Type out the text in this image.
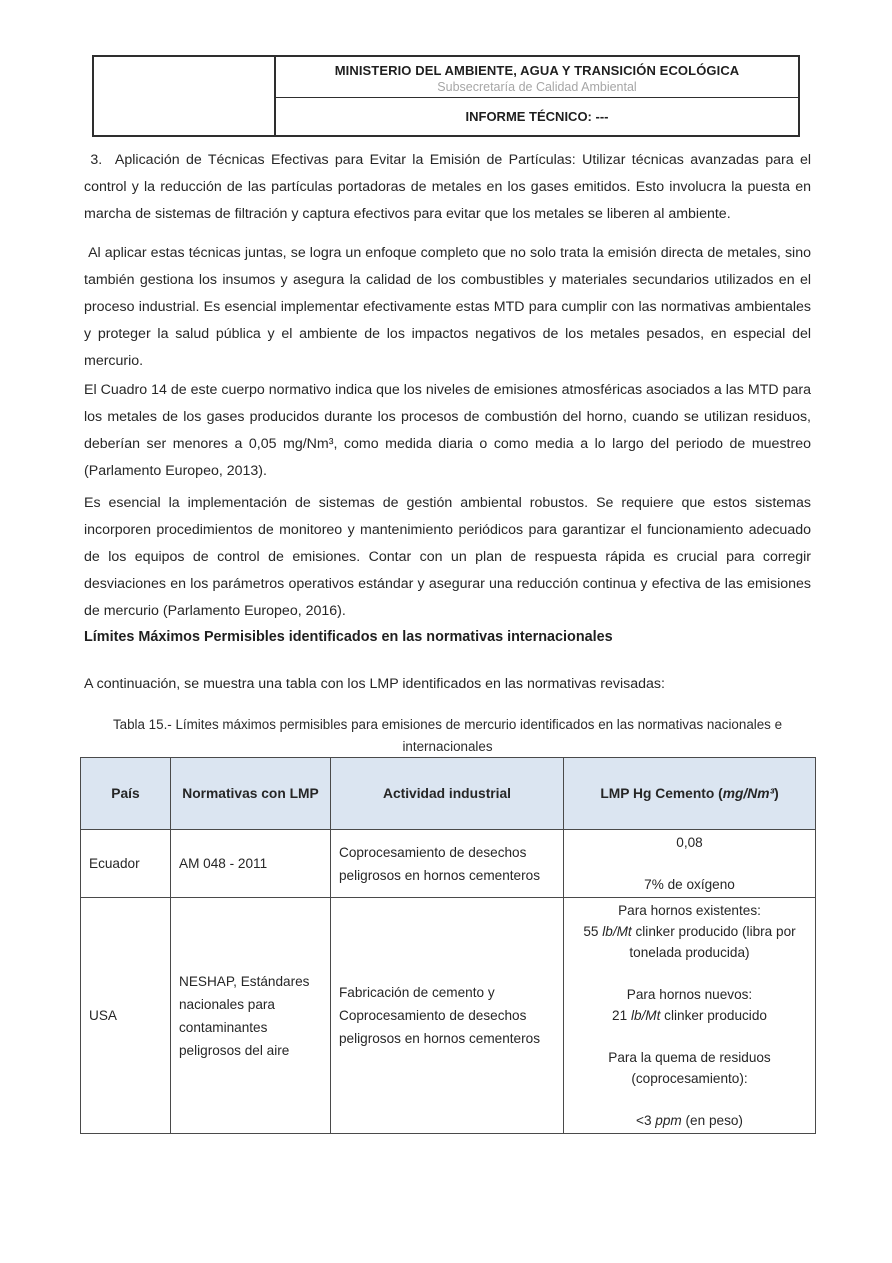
MINISTERIO DEL AMBIENTE, AGUA Y TRANSICIÓN ECOLÓGICA
Subsecretaría de Calidad Ambiental
INFORME TÉCNICO: ---

3.  Aplicación de Técnicas Efectivas para Evitar la Emisión de Partículas: Utilizar técnicas avanzadas para el control y la reducción de las partículas portadoras de metales en los gases emitidos. Esto involucra la puesta en marcha de sistemas de filtración y captura efectivos para evitar que los metales se liberen al ambiente.

Al aplicar estas técnicas juntas, se logra un enfoque completo que no solo trata la emisión directa de metales, sino también gestiona los insumos y asegura la calidad de los combustibles y materiales secundarios utilizados en el proceso industrial. Es esencial implementar efectivamente estas MTD para cumplir con las normativas ambientales y proteger la salud pública y el ambiente de los impactos negativos de los metales pesados, en especial del mercurio.

El Cuadro 14 de este cuerpo normativo indica que los niveles de emisiones atmosféricas asociados a las MTD para los metales de los gases producidos durante los procesos de combustión del horno, cuando se utilizan residuos, deberían ser menores a 0,05 mg/Nm³, como medida diaria o como media a lo largo del periodo de muestreo (Parlamento Europeo, 2013).

Es esencial la implementación de sistemas de gestión ambiental robustos. Se requiere que estos sistemas incorporen procedimientos de monitoreo y mantenimiento periódicos para garantizar el funcionamiento adecuado de los equipos de control de emisiones. Contar con un plan de respuesta rápida es crucial para corregir desviaciones en los parámetros operativos estándar y asegurar una reducción continua y efectiva de las emisiones de mercurio (Parlamento Europeo, 2016).

Límites Máximos Permisibles identificados en las normativas internacionales

A continuación, se muestra una tabla con los LMP identificados en las normativas revisadas:

Tabla 15.- Límites máximos permisibles para emisiones de mercurio identificados en las normativas nacionales e internacionales
País	Normativas con LMP	Actividad industrial	LMP Hg Cemento (mg/Nm³)

Ecuador	AM 048 - 2011	Coprocesamiento de desechos peligrosos en hornos cementeros	0,08

7% de oxígeno

USA	NESHAP, Estándares nacionales para contaminantes peligrosos del aire	Fabricación de cemento y Coprocesamiento de desechos peligrosos en hornos cementeros	
Para hornos existentes:
55 lb/Mt clinker producido (libra por tonelada producida)

Para hornos nuevos:
21 lb/Mt clinker producido

Para la quema de residuos (coprocesamiento):

<3 ppm (en peso)
